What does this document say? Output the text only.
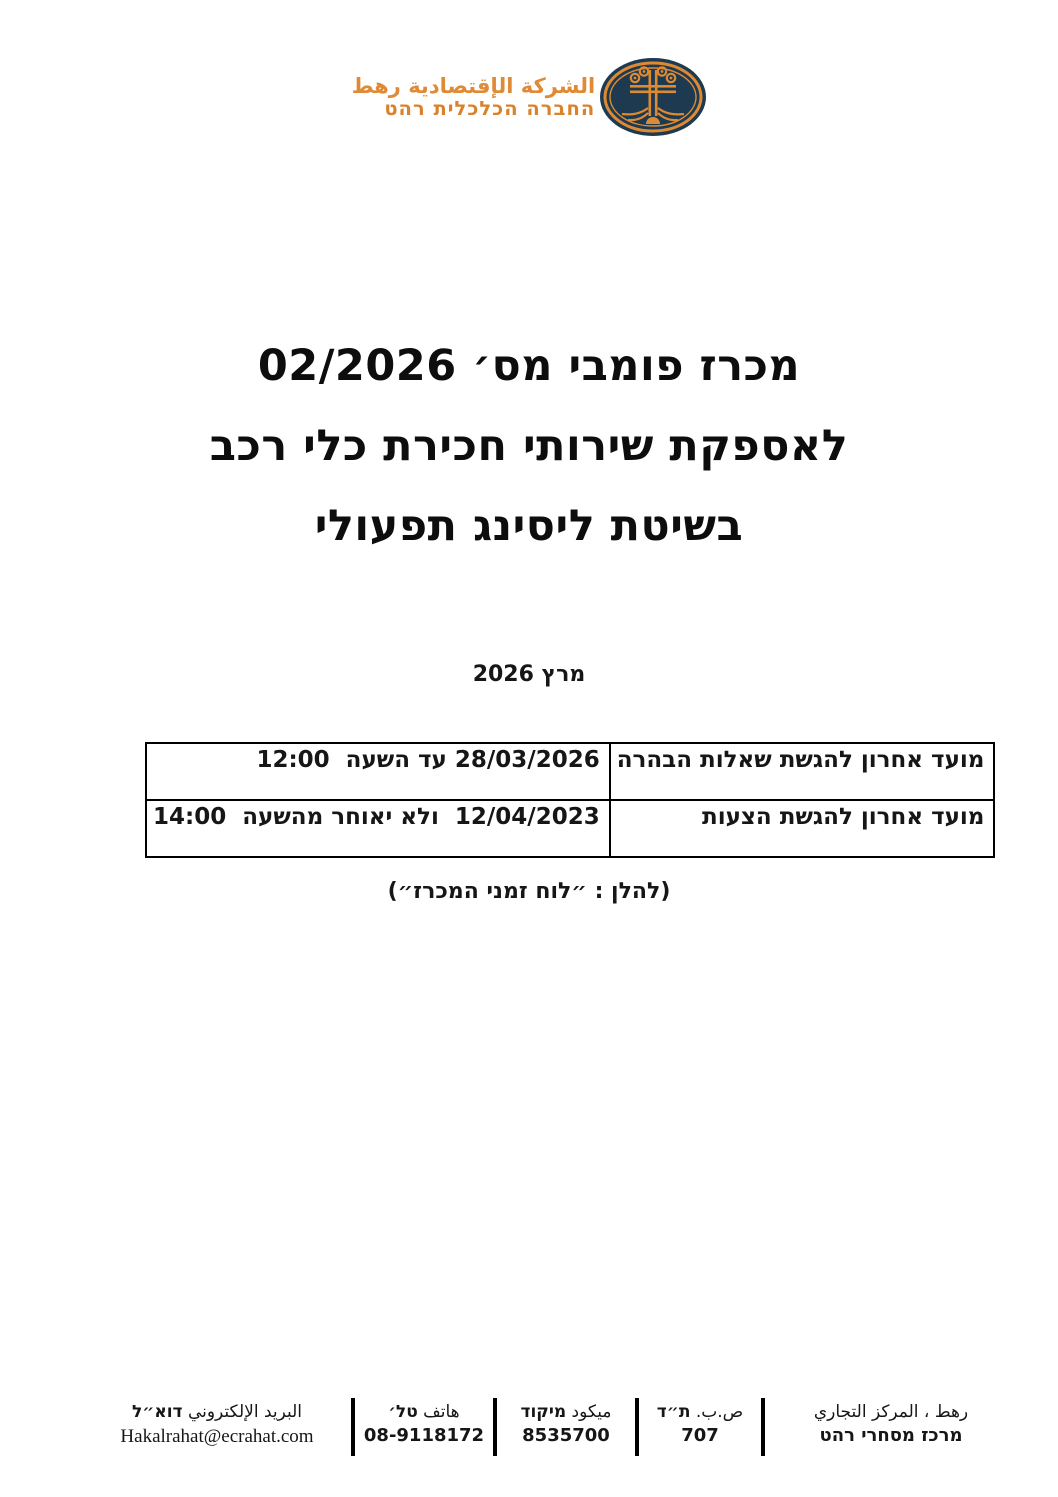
الشركة الإقتصادية رهط
החברה הכלכלית רהט
מכרז פומבי מס׳ 02/2026
לאספקת שירותי חכירת כלי רכב
בשיטת ליסינג תפעולי
מרץ 2026
מועד אחרון להגשת שאלות הבהרה	28/03/2026 עד השעה  12:00
מועד אחרון להגשת הצעות	12/04/2023  ולא יאוחר מהשעה  14:00
(להלן : ״לוח זמני המכרז״)
رهط ، المركز التجاري
מרכז מסחרי רהט
ص.ب. ת״ד
707
ميكود מיקוד
8535700
هاتف טל׳
08-9118172
البريد الإلكتروني דוא״ל
Hakalrahat@ecrahat.com
